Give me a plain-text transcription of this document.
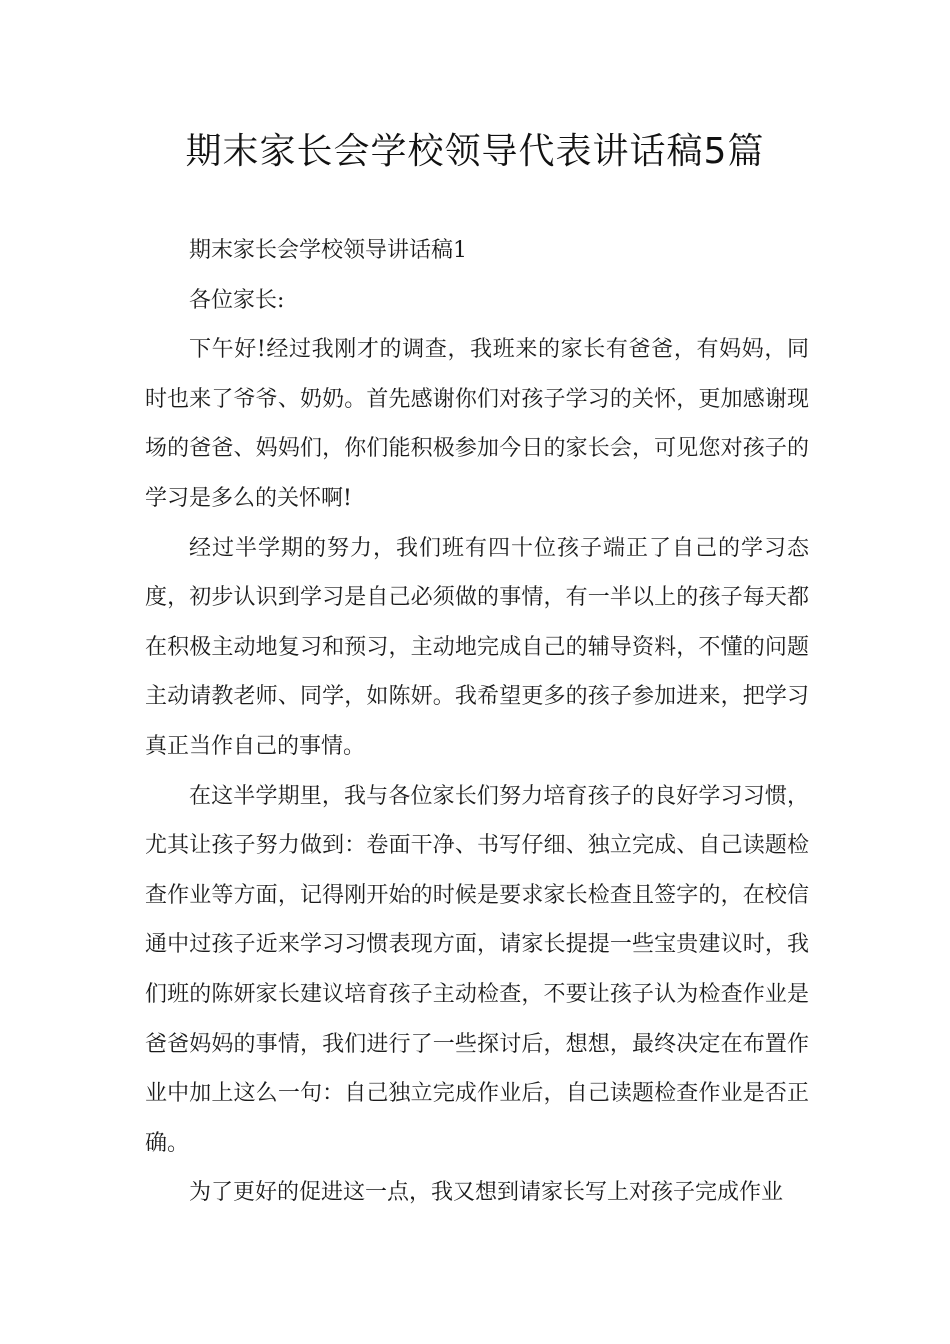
期末家长会学校领导代表讲话稿5篇

期末家长会学校领导讲话稿1

各位家长:

下午好!经过我刚才的调查，我班来的家长有爸爸，有妈妈，同时也来了爷爷、奶奶。首先感谢你们对孩子学习的关怀，更加感谢现场的爸爸、妈妈们，你们能积极参加今日的家长会，可见您对孩子的学习是多么的关怀啊!

经过半学期的努力，我们班有四十位孩子端正了自己的学习态度，初步认识到学习是自己必须做的事情，有一半以上的孩子每天都在积极主动地复习和预习，主动地完成自己的辅导资料，不懂的问题主动请教老师、同学，如陈妍。我希望更多的孩子参加进来，把学习真正当作自己的事情。

在这半学期里，我与各位家长们努力培育孩子的良好学习习惯，尤其让孩子努力做到：卷面干净、书写仔细、独立完成、自己读题检查作业等方面，记得刚开始的时候是要求家长检查且签字的，在校信通中过孩子近来学习习惯表现方面，请家长提提一些宝贵建议时，我们班的陈妍家长建议培育孩子主动检查，不要让孩子认为检查作业是爸爸妈妈的事情，我们进行了一些探讨后，想想，最终决定在布置作业中加上这么一句：自己独立完成作业后，自己读题检查作业是否正确。

为了更好的促进这一点，我又想到请家长写上对孩子完成作业
